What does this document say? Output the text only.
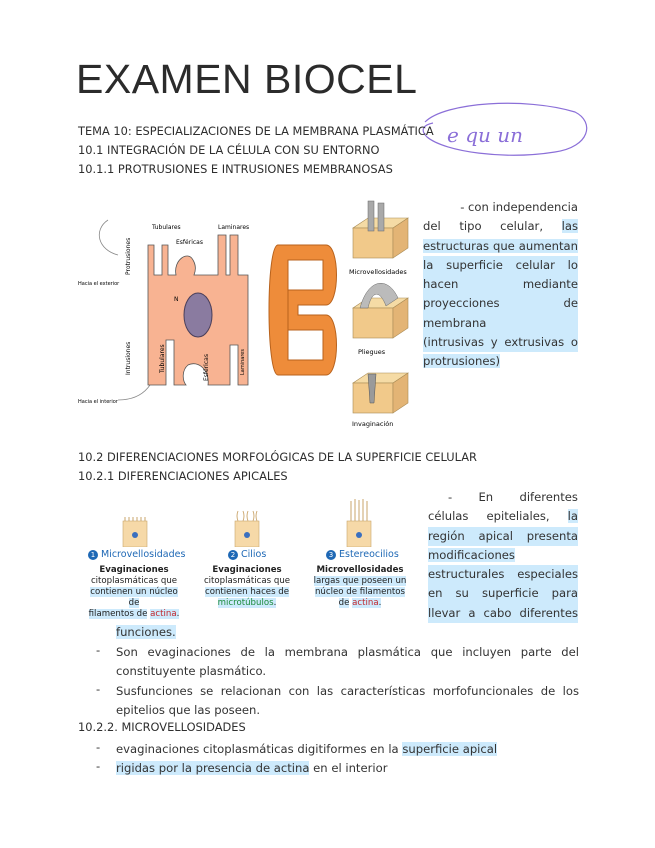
EXAMEN BIOCEL
e qu un
TEMA 10: ESPECIALIZACIONES DE LA MEMBRANA PLASMÁTICA
10.1 INTEGRACIÓN DE LA CÉLULA CON SU ENTORNO
10.1.1 PROTRUSIONES E INTRUSIONES MEMBRANOSAS
Tubulares	Laminares
Esféricas
Hacia el exterior
Hacia el interior
Protrusiones
Intrusiones
N
Tubulares	Esféricas	Laminares
Microvellosidades
Pliegues
Invaginación
- con independencia
del tipo celular, las
estructuras que aumentan
la superficie celular lo
hacen mediante
proyecciones de membrana
(intrusivas y extrusivas o
protrusiones)
10.2 DIFERENCIACIONES MORFOLÓGICAS DE LA SUPERFICIE CELULAR
10.2.1 DIFERENCIACIONES APICALES
1 Microvellosidades
Evaginaciones
citoplasmáticas que
contienen un núcleo de
filamentos de actina.
2 Cilios
Evaginaciones
citoplasmáticas que
contienen haces de
microtúbulos.
3 Estereocilios
Microvellosidades
largas que poseen un
núcleo de filamentos
de actina.
- En diferentes
células epiteliales, la
región apical presenta
modificaciones
estructurales especiales
en su superficie para
llevar a cabo diferentes
funciones.
- Son evaginaciones de la membrana plasmática que incluyen parte del constituyente plasmático.
- Susfunciones se relacionan con las características morfofuncionales de los epitelios que las poseen.
10.2.2. MICROVELLOSIDADES
- evaginaciones citoplasmáticas digitiformes en la superficie apical
- rigidas por la presencia de actina en el interior
